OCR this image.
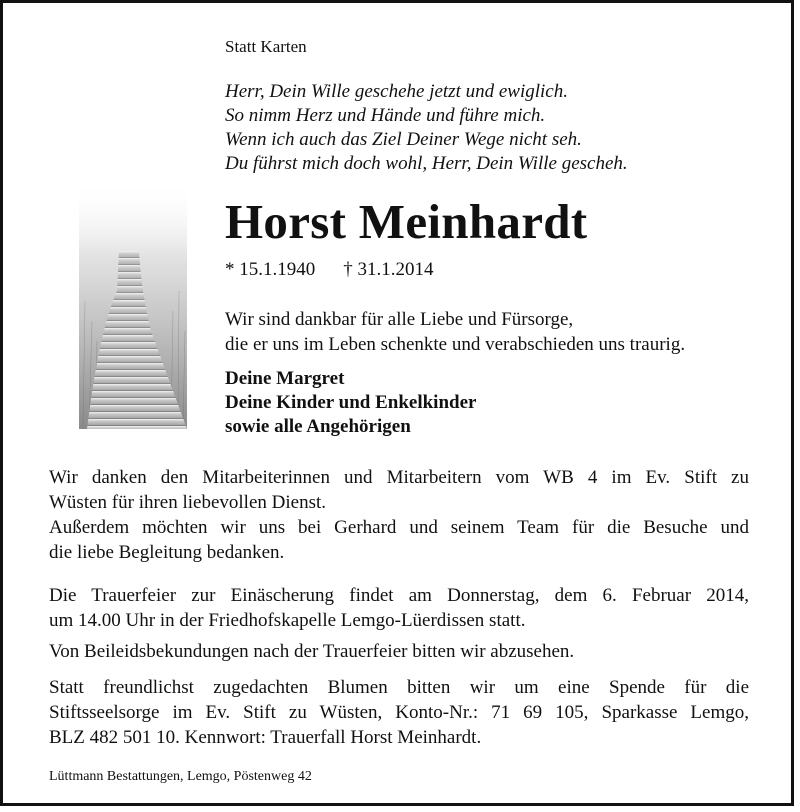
Statt Karten
Herr, Dein Wille geschehe jetzt und ewiglich.
So nimm Herz und Hände und führe mich.
Wenn ich auch das Ziel Deiner Wege nicht seh.
Du führst mich doch wohl, Herr, Dein Wille gescheh.
Horst Meinhardt
* 15.1.1940 † 31.1.2014
Wir sind dankbar für alle Liebe und Fürsorge,
die er uns im Leben schenkte und verabschieden uns traurig.
Deine Margret
Deine Kinder und Enkelkinder
sowie alle Angehörigen
Wir danken den Mitarbeiterinnen und Mitarbeitern vom WB 4 im Ev. Stift zu
Wüsten für ihren liebevollen Dienst.
Außerdem möchten wir uns bei Gerhard und seinem Team für die Besuche und
die liebe Begleitung bedanken.
Die Trauerfeier zur Einäscherung findet am Donnerstag, dem 6. Februar 2014,
um 14.00 Uhr in der Friedhofskapelle Lemgo-Lüerdissen statt.
Von Beileidsbekundungen nach der Trauerfeier bitten wir abzusehen.
Statt freundlichst zugedachten Blumen bitten wir um eine Spende für die
Stiftsseelsorge im Ev. Stift zu Wüsten, Konto-Nr.: 71 69 105, Sparkasse Lemgo,
BLZ 482 501 10. Kennwort: Trauerfall Horst Meinhardt.
Lüttmann Bestattungen, Lemgo, Pöstenweg 42
